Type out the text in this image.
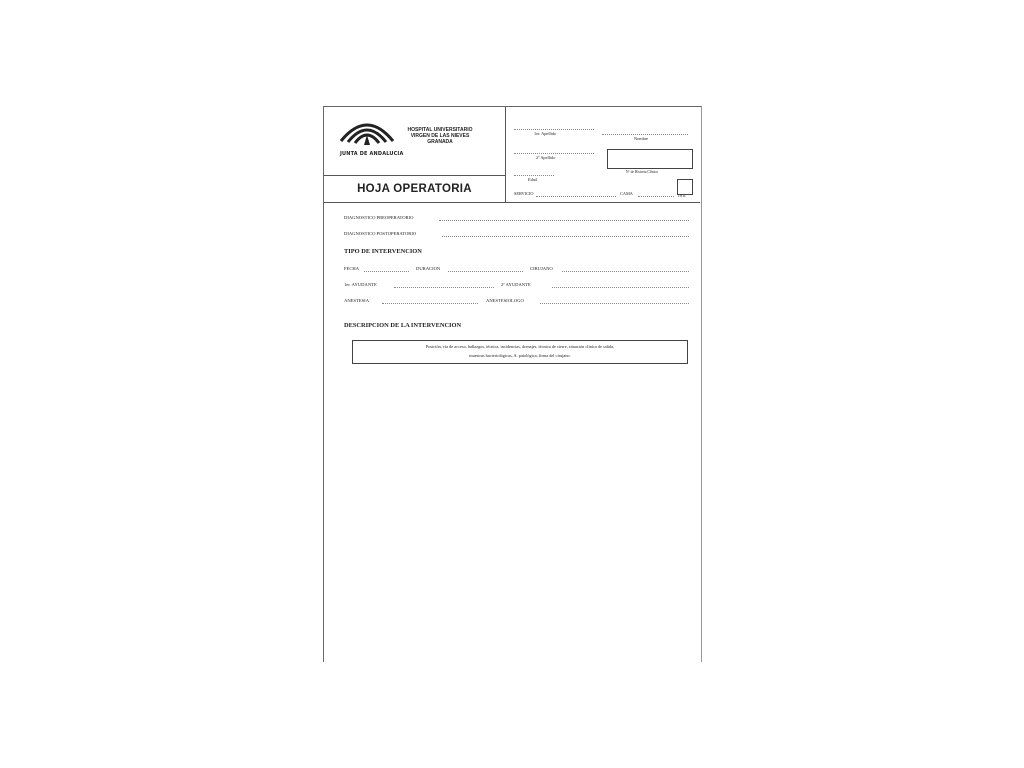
JUNTA DE ANDALUCIA
HOSPITAL UNIVERSITARIO
VIRGEN DE LAS NIEVES
GRANADA
HOJA OPERATORIA
1er. Apellido
Nombre
2º Apellido
Nº de Historia Clínica
Edad
SERVICIO	CAMA
# H.M.
DIAGNOSTICO PREOPERATORIO
DIAGNOSTICO POSTOPERATORIO
TIPO DE INTERVENCION
FECHA	DURACION	CIRUJANO
1er. AYUDANTE	2º AYUDANTE
ANESTESIA	ANESTESIOLOGO
DESCRIPCION DE LA INTERVENCION
Posición, vía de acceso, hallazgos, técnica, incidencias, drenajes, técnica de cierre, situación clínica de salida,
muestras bacteriológicas, A. patológica, firma del cirujano.
